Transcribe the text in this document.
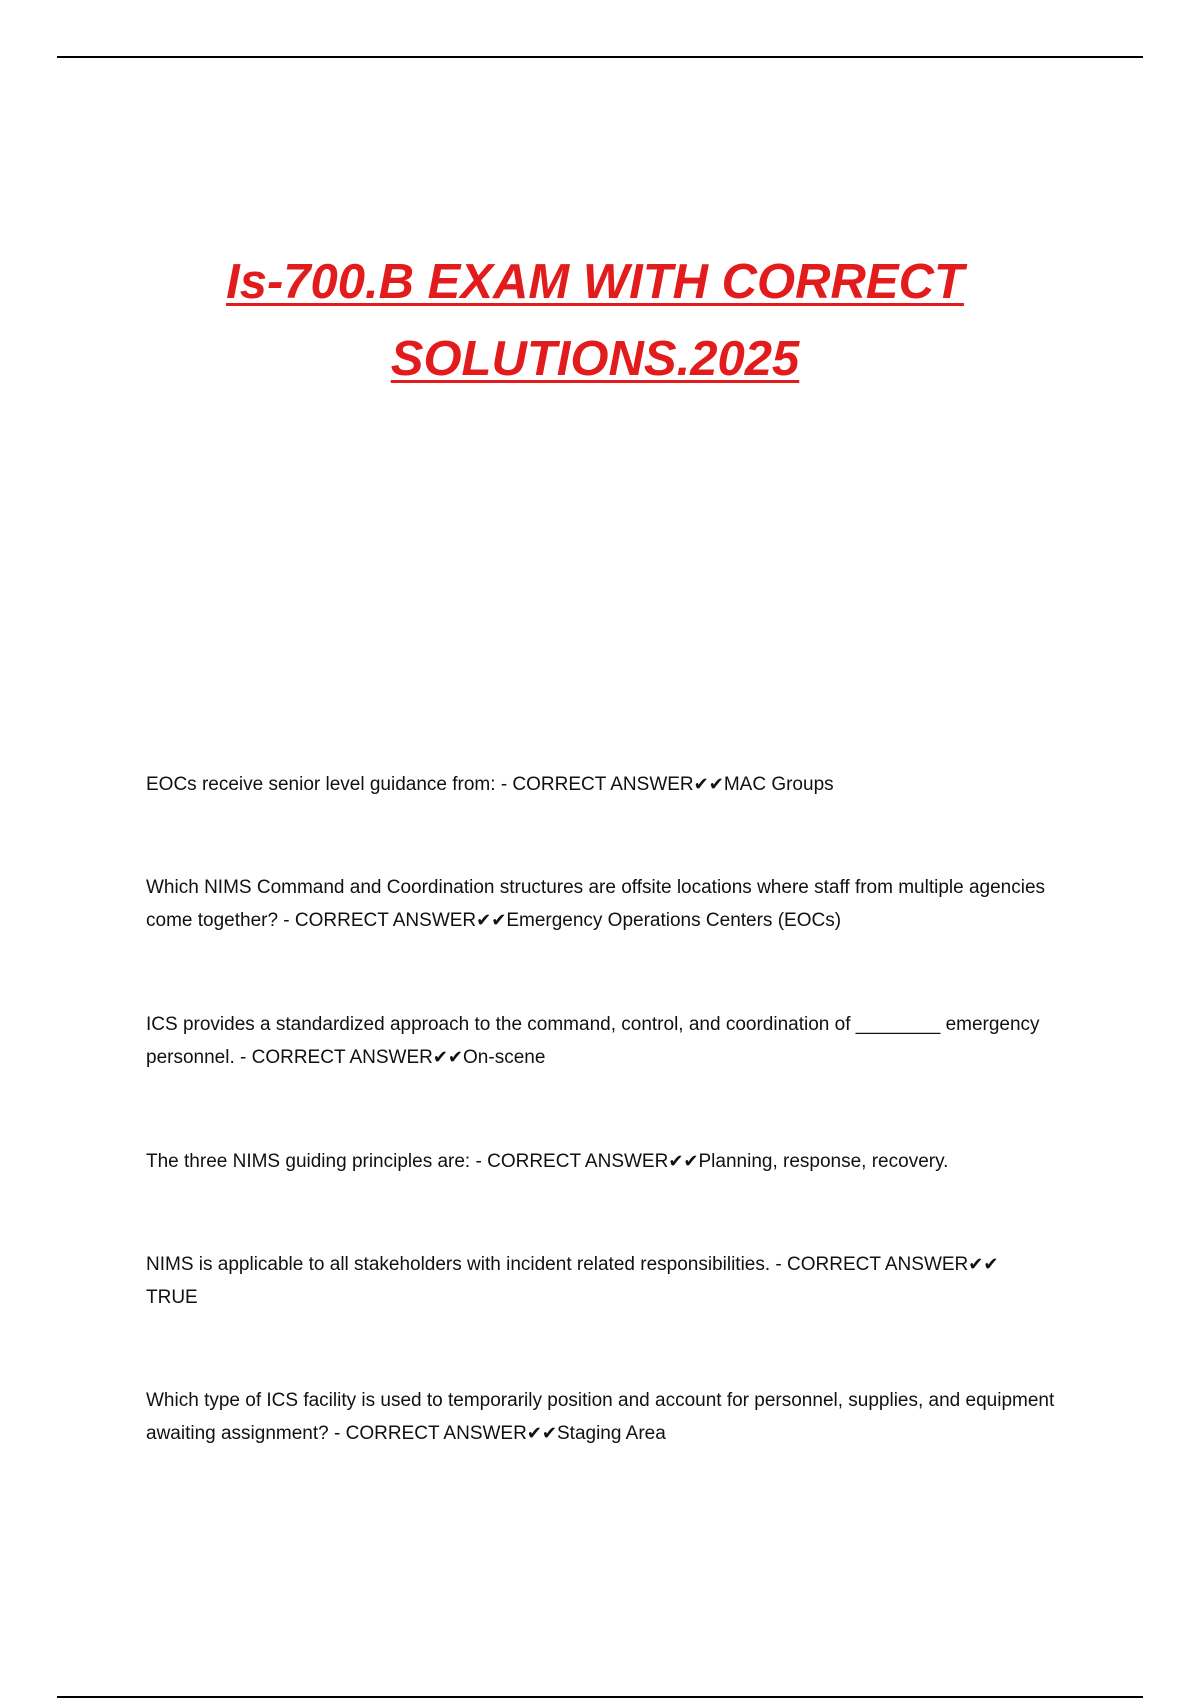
Is-700.B EXAM WITH CORRECT
SOLUTIONS.2025

EOCs receive senior level guidance from: - CORRECT ANSWER✔✔MAC Groups

Which NIMS Command and Coordination structures are offsite locations where staff from multiple agencies come together? - CORRECT ANSWER✔✔Emergency Operations Centers (EOCs)

ICS provides a standardized approach to the command, control, and coordination of ________ emergency personnel. - CORRECT ANSWER✔✔On-scene

The three NIMS guiding principles are: - CORRECT ANSWER✔✔Planning, response, recovery.

NIMS is applicable to all stakeholders with incident related responsibilities. - CORRECT ANSWER✔✔
TRUE

Which type of ICS facility is used to temporarily position and account for personnel, supplies, and equipment awaiting assignment? - CORRECT ANSWER✔✔Staging Area
